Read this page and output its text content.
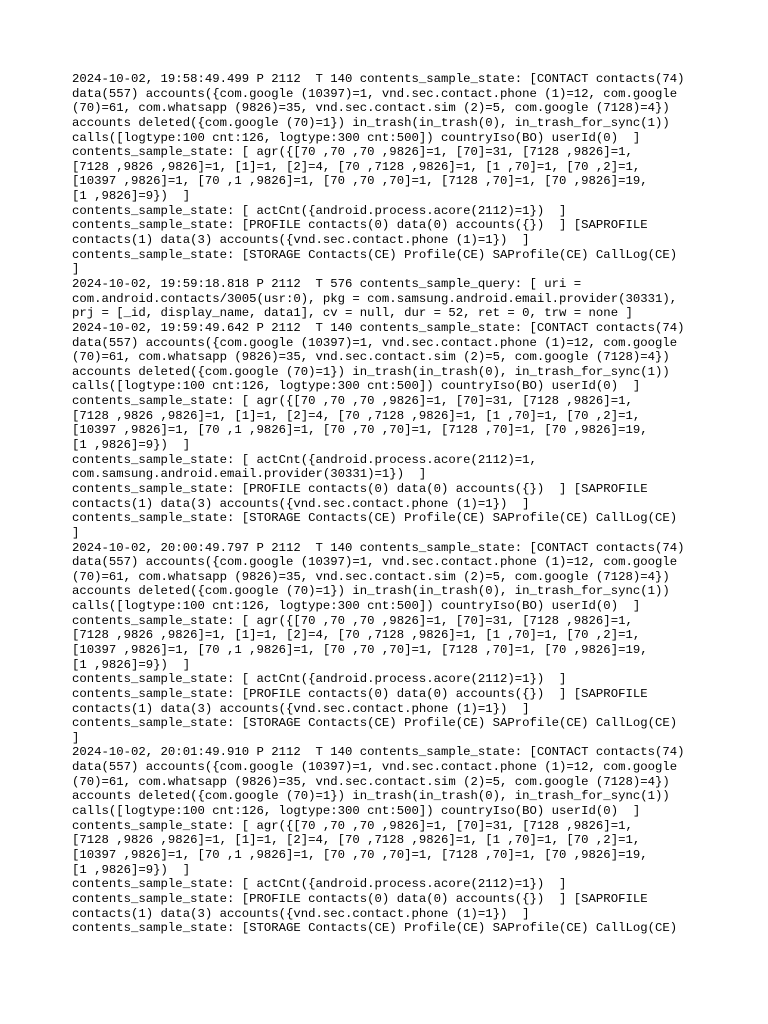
2024-10-02, 19:58:49.499 P 2112  T 140 contents_sample_state: [CONTACT contacts(74)
data(557) accounts({com.google (10397)=1, vnd.sec.contact.phone (1)=12, com.google
(70)=61, com.whatsapp (9826)=35, vnd.sec.contact.sim (2)=5, com.google (7128)=4})
accounts deleted({com.google (70)=1}) in_trash(in_trash(0), in_trash_for_sync(1))
calls([logtype:100 cnt:126, logtype:300 cnt:500]) countryIso(BO) userId(0)  ]
contents_sample_state: [ agr({[70 ,70 ,70 ,9826]=1, [70]=31, [7128 ,9826]=1,
[7128 ,9826 ,9826]=1, [1]=1, [2]=4, [70 ,7128 ,9826]=1, [1 ,70]=1, [70 ,2]=1,
[10397 ,9826]=1, [70 ,1 ,9826]=1, [70 ,70 ,70]=1, [7128 ,70]=1, [70 ,9826]=19,
[1 ,9826]=9})  ]
contents_sample_state: [ actCnt({android.process.acore(2112)=1})  ]
contents_sample_state: [PROFILE contacts(0) data(0) accounts({})  ] [SAPROFILE
contacts(1) data(3) accounts({vnd.sec.contact.phone (1)=1})  ]
contents_sample_state: [STORAGE Contacts(CE) Profile(CE) SAProfile(CE) CallLog(CE)
]
2024-10-02, 19:59:18.818 P 2112  T 576 contents_sample_query: [ uri =
com.android.contacts/3005(usr:0), pkg = com.samsung.android.email.provider(30331),
prj = [_id, display_name, data1], cv = null, dur = 52, ret = 0, trw = none ]
2024-10-02, 19:59:49.642 P 2112  T 140 contents_sample_state: [CONTACT contacts(74)
data(557) accounts({com.google (10397)=1, vnd.sec.contact.phone (1)=12, com.google
(70)=61, com.whatsapp (9826)=35, vnd.sec.contact.sim (2)=5, com.google (7128)=4})
accounts deleted({com.google (70)=1}) in_trash(in_trash(0), in_trash_for_sync(1))
calls([logtype:100 cnt:126, logtype:300 cnt:500]) countryIso(BO) userId(0)  ]
contents_sample_state: [ agr({[70 ,70 ,70 ,9826]=1, [70]=31, [7128 ,9826]=1,
[7128 ,9826 ,9826]=1, [1]=1, [2]=4, [70 ,7128 ,9826]=1, [1 ,70]=1, [70 ,2]=1,
[10397 ,9826]=1, [70 ,1 ,9826]=1, [70 ,70 ,70]=1, [7128 ,70]=1, [70 ,9826]=19,
[1 ,9826]=9})  ]
contents_sample_state: [ actCnt({android.process.acore(2112)=1,
com.samsung.android.email.provider(30331)=1})  ]
contents_sample_state: [PROFILE contacts(0) data(0) accounts({})  ] [SAPROFILE
contacts(1) data(3) accounts({vnd.sec.contact.phone (1)=1})  ]
contents_sample_state: [STORAGE Contacts(CE) Profile(CE) SAProfile(CE) CallLog(CE)
]
2024-10-02, 20:00:49.797 P 2112  T 140 contents_sample_state: [CONTACT contacts(74)
data(557) accounts({com.google (10397)=1, vnd.sec.contact.phone (1)=12, com.google
(70)=61, com.whatsapp (9826)=35, vnd.sec.contact.sim (2)=5, com.google (7128)=4})
accounts deleted({com.google (70)=1}) in_trash(in_trash(0), in_trash_for_sync(1))
calls([logtype:100 cnt:126, logtype:300 cnt:500]) countryIso(BO) userId(0)  ]
contents_sample_state: [ agr({[70 ,70 ,70 ,9826]=1, [70]=31, [7128 ,9826]=1,
[7128 ,9826 ,9826]=1, [1]=1, [2]=4, [70 ,7128 ,9826]=1, [1 ,70]=1, [70 ,2]=1,
[10397 ,9826]=1, [70 ,1 ,9826]=1, [70 ,70 ,70]=1, [7128 ,70]=1, [70 ,9826]=19,
[1 ,9826]=9})  ]
contents_sample_state: [ actCnt({android.process.acore(2112)=1})  ]
contents_sample_state: [PROFILE contacts(0) data(0) accounts({})  ] [SAPROFILE
contacts(1) data(3) accounts({vnd.sec.contact.phone (1)=1})  ]
contents_sample_state: [STORAGE Contacts(CE) Profile(CE) SAProfile(CE) CallLog(CE)
]
2024-10-02, 20:01:49.910 P 2112  T 140 contents_sample_state: [CONTACT contacts(74)
data(557) accounts({com.google (10397)=1, vnd.sec.contact.phone (1)=12, com.google
(70)=61, com.whatsapp (9826)=35, vnd.sec.contact.sim (2)=5, com.google (7128)=4})
accounts deleted({com.google (70)=1}) in_trash(in_trash(0), in_trash_for_sync(1))
calls([logtype:100 cnt:126, logtype:300 cnt:500]) countryIso(BO) userId(0)  ]
contents_sample_state: [ agr({[70 ,70 ,70 ,9826]=1, [70]=31, [7128 ,9826]=1,
[7128 ,9826 ,9826]=1, [1]=1, [2]=4, [70 ,7128 ,9826]=1, [1 ,70]=1, [70 ,2]=1,
[10397 ,9826]=1, [70 ,1 ,9826]=1, [70 ,70 ,70]=1, [7128 ,70]=1, [70 ,9826]=19,
[1 ,9826]=9})  ]
contents_sample_state: [ actCnt({android.process.acore(2112)=1})  ]
contents_sample_state: [PROFILE contacts(0) data(0) accounts({})  ] [SAPROFILE
contacts(1) data(3) accounts({vnd.sec.contact.phone (1)=1})  ]
contents_sample_state: [STORAGE Contacts(CE) Profile(CE) SAProfile(CE) CallLog(CE)
